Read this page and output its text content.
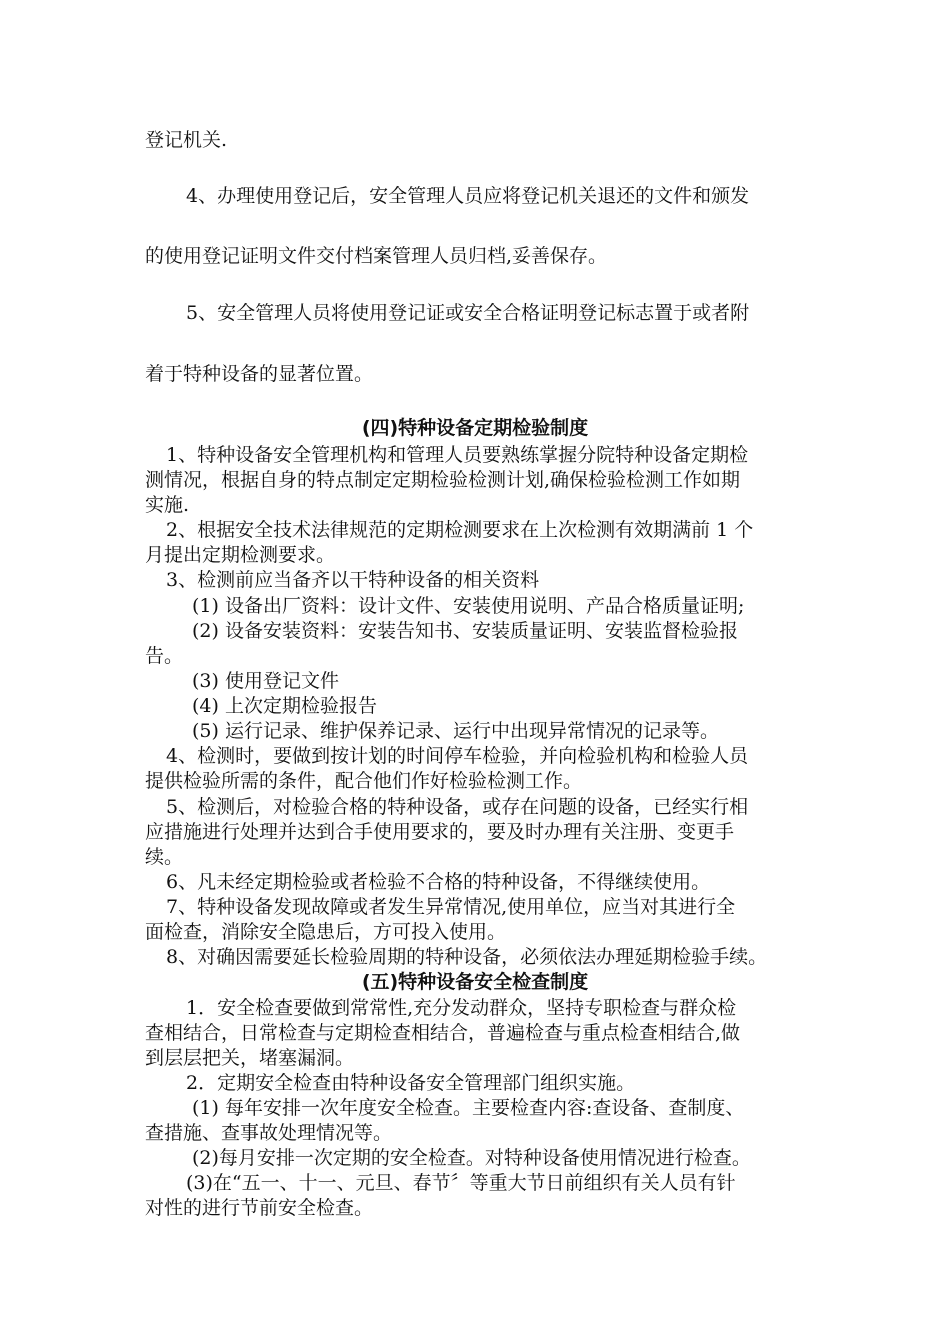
登记机关.

4、办理使用登记后，安全管理人员应将登记机关退还的文件和颁发

的使用登记证明文件交付档案管理人员归档,妥善保存。

5、安全管理人员将使用登记证或安全合格证明登记标志置于或者附

着于特种设备的显著位置。

(四)特种设备定期检验制度

1、特种设备安全管理机构和管理人员要熟练掌握分院特种设备定期检

测情况，根据自身的特点制定定期检验检测计划,确保检验检测工作如期

实施.

2、根据安全技术法律规范的定期检测要求在上次检测有效期满前 1 个

月提出定期检测要求。

3、检测前应当备齐以干特种设备的相关资料

(1) 设备出厂资料：设计文件、安装使用说明、产品合格质量证明;

(2) 设备安装资料：安装告知书、安装质量证明、安装监督检验报

告。

(3) 使用登记文件

(4) 上次定期检验报告

(5) 运行记录、维护保养记录、运行中出现异常情况的记录等。

4、检测时，要做到按计划的时间停车检验，并向检验机构和检验人员

提供检验所需的条件，配合他们作好检验检测工作。

5、检测后，对检验合格的特种设备，或存在问题的设备，已经实行相

应措施进行处理并达到合手使用要求的，要及时办理有关注册、变更手

续。

6、凡未经定期检验或者检验不合格的特种设备，不得继续使用。

7、特种设备发现故障或者发生异常情况,使用单位，应当对其进行全

面检查，消除安全隐患后，方可投入使用。

8、对确因需要延长检验周期的特种设备，必须依法办理延期检验手续。

(五)特种设备安全检查制度

1．安全检查要做到常常性,充分发动群众，坚持专职检查与群众检

查相结合，日常检查与定期检查相结合，普遍检查与重点检查相结合,做

到层层把关，堵塞漏洞。

2．定期安全检查由特种设备安全管理部门组织实施。

(1) 每年安排一次年度安全检查。主要检查内容:查设备、查制度、

查措施、查事故处理情况等。

(2)每月安排一次定期的安全检查。对特种设备使用情况进行检查。

(3)在“五一、十一、元旦、春节〞等重大节日前组织有关人员有针

对性的进行节前安全检查。
